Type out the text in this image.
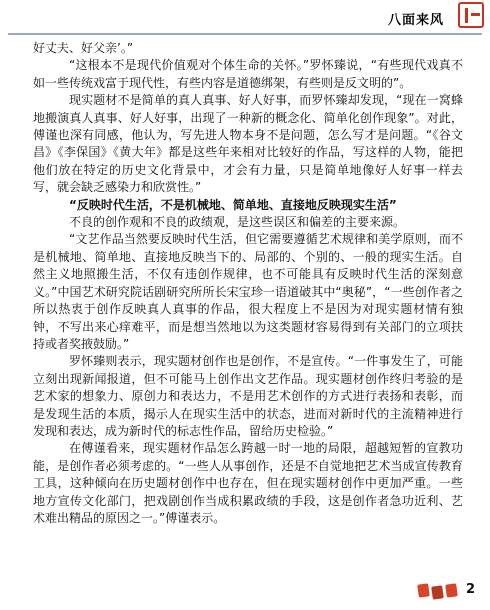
八面来风

好丈夫、好父亲’。”

“这根本不是现代价值观对个体生命的关怀。”罗怀臻说，“有些现代戏真不如一些传统戏富于现代性，有些内容是道德绑架，有些则是反文明的”。

现实题材不是简单的真人真事、好人好事，而罗怀臻却发现，“现在一窝蜂地搬演真人真事、好人好事，出现了一种新的概念化、简单化创作现象”。对此，傅谨也深有同感，他认为，写先进人物本身不是问题，怎么写才是问题。“《谷文昌》《李保国》《黄大年》都是这些年来相对比较好的作品，写这样的人物，能把他们放在特定的历史文化背景中，才会有力量，只是简单地像好人好事一样去写，就会缺乏感染力和欣赏性。”

“反映时代生活，不是机械地、简单地、直接地反映现实生活”

不良的创作观和不良的政绩观，是这些误区和偏差的主要来源。

“文艺作品当然要反映时代生活，但它需要遵循艺术规律和美学原则，而不是机械地、简单地、直接地反映当下的、局部的、个别的、一般的现实生活。自然主义地照搬生活，不仅有违创作规律，也不可能具有反映时代生活的深刻意义。”中国艺术研究院话剧研究所所长宋宝珍一语道破其中“奥秘”，“一些创作者之所以热衷于创作反映真人真事的作品，很大程度上不是因为对现实题材情有独钟，不写出来心痒难平，而是想当然地以为这类题材容易得到有关部门的立项扶持或者奖掖鼓励。”

罗怀臻则表示，现实题材创作也是创作，不是宣传。“一件事发生了，可能立刻出现新闻报道，但不可能马上创作出文艺作品。现实题材创作终归考验的是艺术家的想象力、原创力和表达力，不是用艺术创作的方式进行表扬和表彰，而是发现生活的本质，揭示人在现实生活中的状态，进而对新时代的主流精神进行发现和表达，成为新时代的标志性作品，留给历史检验。”

在傅谨看来，现实题材作品怎么跨越一时一地的局限，超越短暂的宣教功能，是创作者必须考虑的。“一些人从事创作，还是不自觉地把艺术当成宣传教育工具，这种倾向在历史题材创作中也存在，但在现实题材创作中更加严重。一些地方宣传文化部门，把戏剧创作当成积累政绩的手段，这是创作者急功近利、艺术难出精品的原因之一。”傅谨表示。

2
